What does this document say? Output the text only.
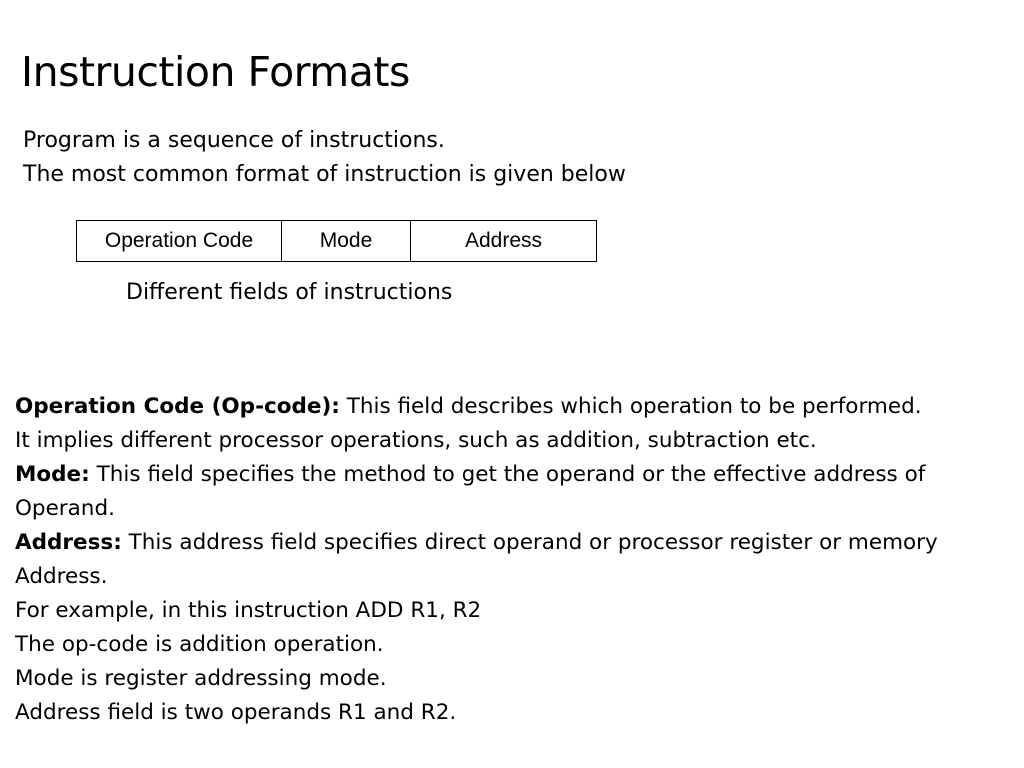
Instruction Formats
Program is a sequence of instructions.
The most common format of instruction is given below
Operation Code	Mode	Address
Different fields of instructions
Operation Code (Op-code): This field describes which operation to be performed.
It implies different processor operations, such as addition, subtraction etc.
Mode: This field specifies the method to get the operand or the effective address of
Operand.
Address: This address field specifies direct operand or processor register or memory
Address.
For example, in this instruction ADD R1, R2
The op-code is addition operation.
Mode is register addressing mode.
Address field is two operands R1 and R2.
